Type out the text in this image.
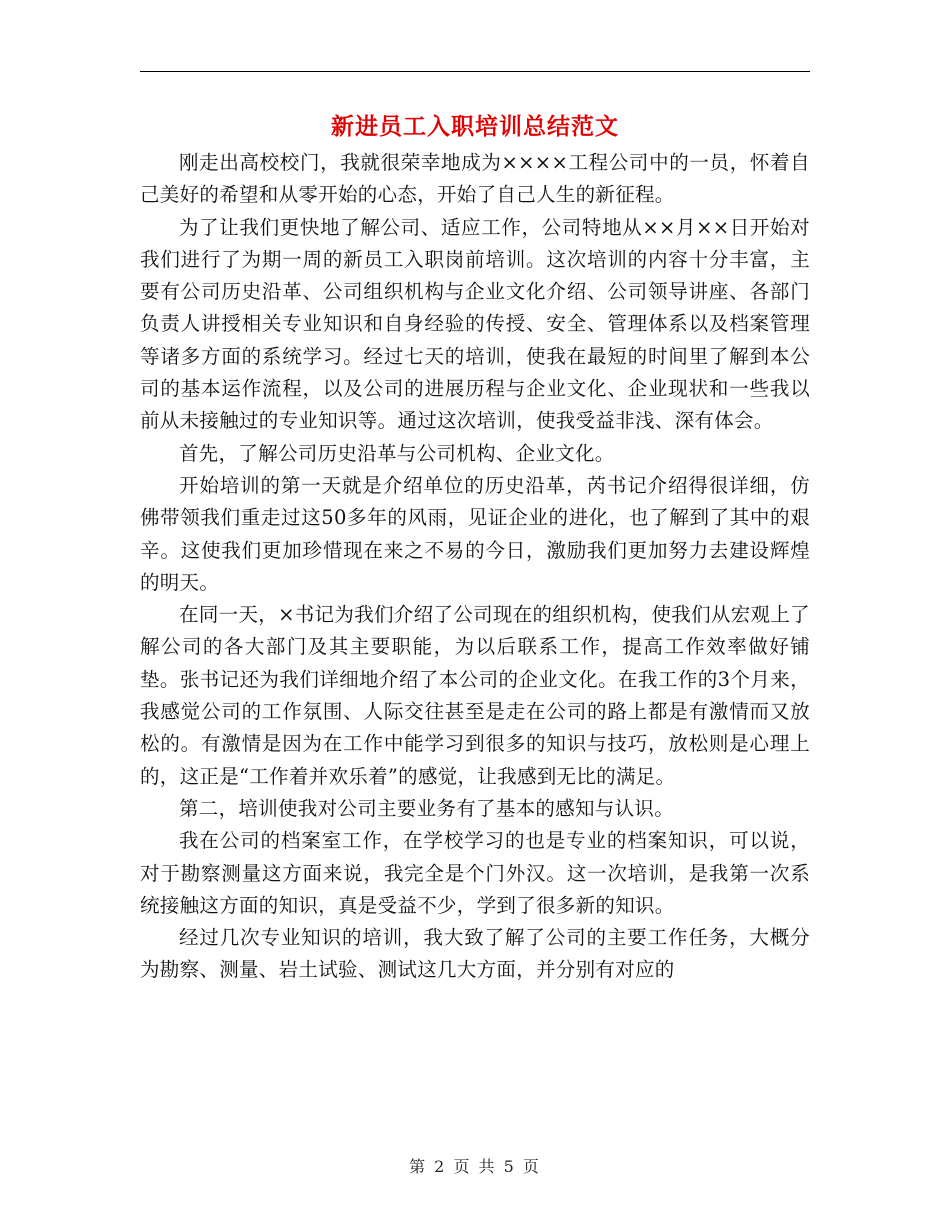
新进员工入职培训总结范文

刚走出高校校门，我就很荣幸地成为××××工程公司中的一员，怀着自己美好的希望和从零开始的心态，开始了自己人生的新征程。

为了让我们更快地了解公司、适应工作，公司特地从××月××日开始对我们进行了为期一周的新员工入职岗前培训。这次培训的内容十分丰富，主要有公司历史沿革、公司组织机构与企业文化介绍、公司领导讲座、各部门负责人讲授相关专业知识和自身经验的传授、安全、管理体系以及档案管理等诸多方面的系统学习。经过七天的培训，使我在最短的时间里了解到本公司的基本运作流程，以及公司的进展历程与企业文化、企业现状和一些我以前从未接触过的专业知识等。通过这次培训，使我受益非浅、深有体会。

首先，了解公司历史沿革与公司机构、企业文化。

开始培训的第一天就是介绍单位的历史沿革，芮书记介绍得很详细，仿佛带领我们重走过这50多年的风雨，见证企业的进化，也了解到了其中的艰辛。这使我们更加珍惜现在来之不易的今日，激励我们更加努力去建设辉煌的明天。

在同一天，×书记为我们介绍了公司现在的组织机构，使我们从宏观上了解公司的各大部门及其主要职能，为以后联系工作，提高工作效率做好铺垫。张书记还为我们详细地介绍了本公司的企业文化。在我工作的3个月来，我感觉公司的工作氛围、人际交往甚至是走在公司的路上都是有激情而又放松的。有激情是因为在工作中能学习到很多的知识与技巧，放松则是心理上的，这正是“工作着并欢乐着”的感觉，让我感到无比的满足。

第二，培训使我对公司主要业务有了基本的感知与认识。

我在公司的档案室工作，在学校学习的也是专业的档案知识，可以说，对于勘察测量这方面来说，我完全是个门外汉。这一次培训，是我第一次系统接触这方面的知识，真是受益不少，学到了很多新的知识。

经过几次专业知识的培训，我大致了解了公司的主要工作任务，大概分为勘察、测量、岩土试验、测试这几大方面，并分别有对应的

第 2 页 共 5 页
